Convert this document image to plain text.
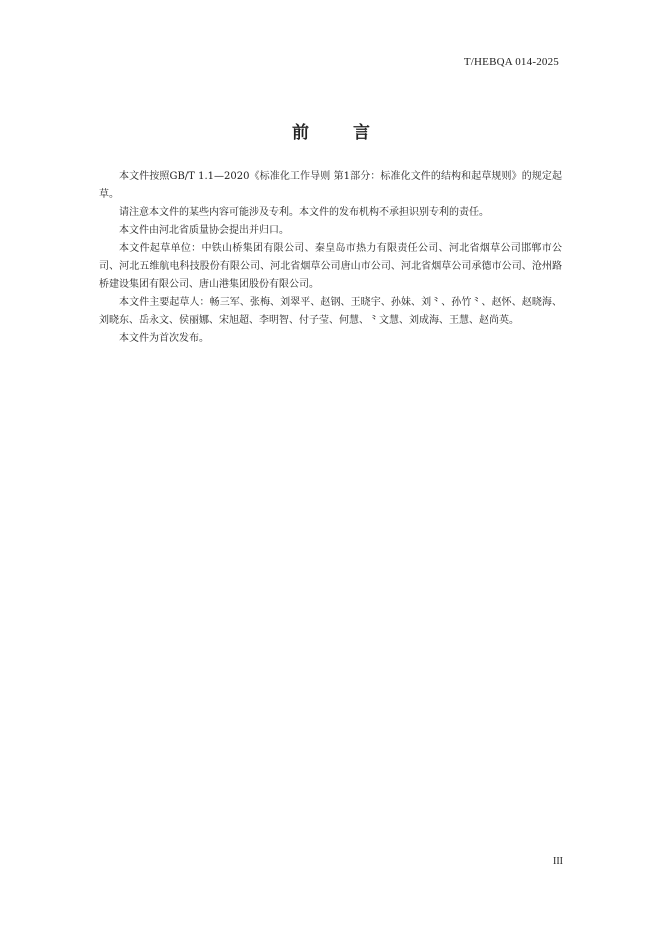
T/HEBQA 014-2025
前 言

本文件按照GB/T 1.1—2020《标准化工作导则 第1部分：标准化文件的结构和起草规则》的规定起草。

请注意本文件的某些内容可能涉及专利。本文件的发布机构不承担识别专利的责任。

本文件由河北省质量协会提出并归口。

本文件起草单位：中铁山桥集团有限公司、秦皇岛市热力有限责任公司、河北省烟草公司邯郸市公司、河北五维航电科技股份有限公司、河北省烟草公司唐山市公司、河北省烟草公司承德市公司、沧州路桥建设集团有限公司、唐山港集团股份有限公司。

本文件主要起草人：畅三军、张梅、刘翠平、赵钢、王晓宇、孙妹、刘⺀、孙竹⺀、赵怀、赵晓海、刘晓东、岳永文、侯丽娜、宋旭超、李明智、付子莹、何慧、⺀文慧、刘成海、王慧、赵尚英。

本文件为首次发布。

III
